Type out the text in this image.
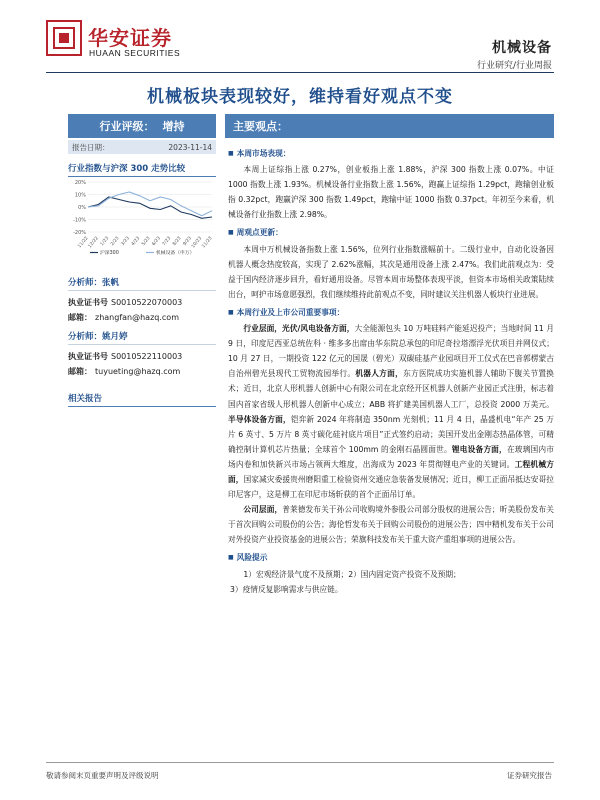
华安证券
HUAAN SECURITIES	机械设备
行业研究/行业周报
机械板块表现较好，维持看好观点不变
行业评级： 增持
报告日期：	2023-11-14
行业指数与沪深 300 走势比较
20%
10%
0%
-10%
-20%
11/22
12/22 1/23 2/23 3/23 4/23 5/23 6/23 7/23 8/23 9/23
10/23
11/23
沪深300	机械设备（申万）
分析师：张帆
执业证书号 S0010522070003
邮箱： zhangfan@hazq.com
分析师：姚月婷
执业证书号 S0010522110003
邮箱： tuyueting@hazq.com
相关报告
主要观点：
■ 本周市场表现：
本周上证综指上涨 0.27%，创业板指上涨 1.88%，沪深 300 指数上涨 0.07%。中证 1000 指数上涨 1.93%。机械设备行业指数上涨 1.56%，跑赢上证综指 1.29pct，跑输创业板指 0.32pct，跑赢沪深 300 指数 1.49pct，跑输中证 1000 指数 0.37pct。年初至今来看，机械设备行业指数上涨 2.98%。
■ 周观点更新：
本周中万机械设备指数上涨 1.56%，位列行业指数涨幅前十。二级行业中，自动化设备因机器人概念热度较高，实现了 2.62%涨幅，其次是通用设备上涨 2.47%。我们此前观点为：受益于国内经济逐步回升，看好通用设备。尽管本周市场整体表现平淡，但资本市场相关政策陆续出台，呵护市场意愿强烈，我们继续维持此前观点不变，同时建议关注机器人板块行业进展。
■ 本周行业及上市公司重要事项：
行业层面，光伏/风电设备方面，大全能源包头 10 万吨硅料产能延迟投产；当地时间 11 月 9 日，印度尼西亚总统佐科 · 维多多出席由华东院总承包的印尼奇拉塔漂浮光伏项目并网仪式；10 月 27 日，一期投资 122 亿元的国晟（碧光）双碳硅基产业园项目开工仪式在巴音郭楞蒙古自治州碧光县现代工贸物流园举行。机器人方面，东方医院成功实施机器人辅助下腹关节置换术；近日，北京人形机器人创新中心有限公司在北京经开区机器人创新产业园正式注册，标志着国内首家省级人形机器人创新中心成立；ABB 将扩建美国机器人工厂，总投资 2000 万美元。半导体设备方面，铠弈新 2024 年将制造 350nm 光刻机；11 月 4 日，晶盛机电“年产 25 万片 6 英寸、5 万片 8 英寸碳化硅衬底片项目”正式签约启动；美国开发出金刚态热晶体管，可精确控制计算机芯片热量；全球首个 100mm 的金刚石晶圆面世。锂电设备方面，在玻璃国内市场内卷和加快新兴市场占领两大维度，出海成为 2023 年贯彻锂电产业的关键词。工程机械方面，国家减灾委援贵州磨阳重工检验资州交通应急装备发展情况；近日，柳工正面吊抵达安哥拉印尼客户，这是柳工在印尼市场斩获的首个正面吊订单。
公司层面，普莱德发布关于孙公司收购境外参股公司部分股权的进展公告；昕美股份发布关于首次回购公司股份的公告；海伦哲发布关于回购公司股份的进展公告；四中精机发布关于公司对外投资产业投资基金的进展公告；荣旗科技发布关于重大资产重组事项的进展公告。
■ 风险提示
1）宏观经济景气度不及预期；2）国内固定资产投资不及预期；
3）疫情反复影响需求与供应链。
敬请参阅末页重要声明及评级说明	证券研究报告
